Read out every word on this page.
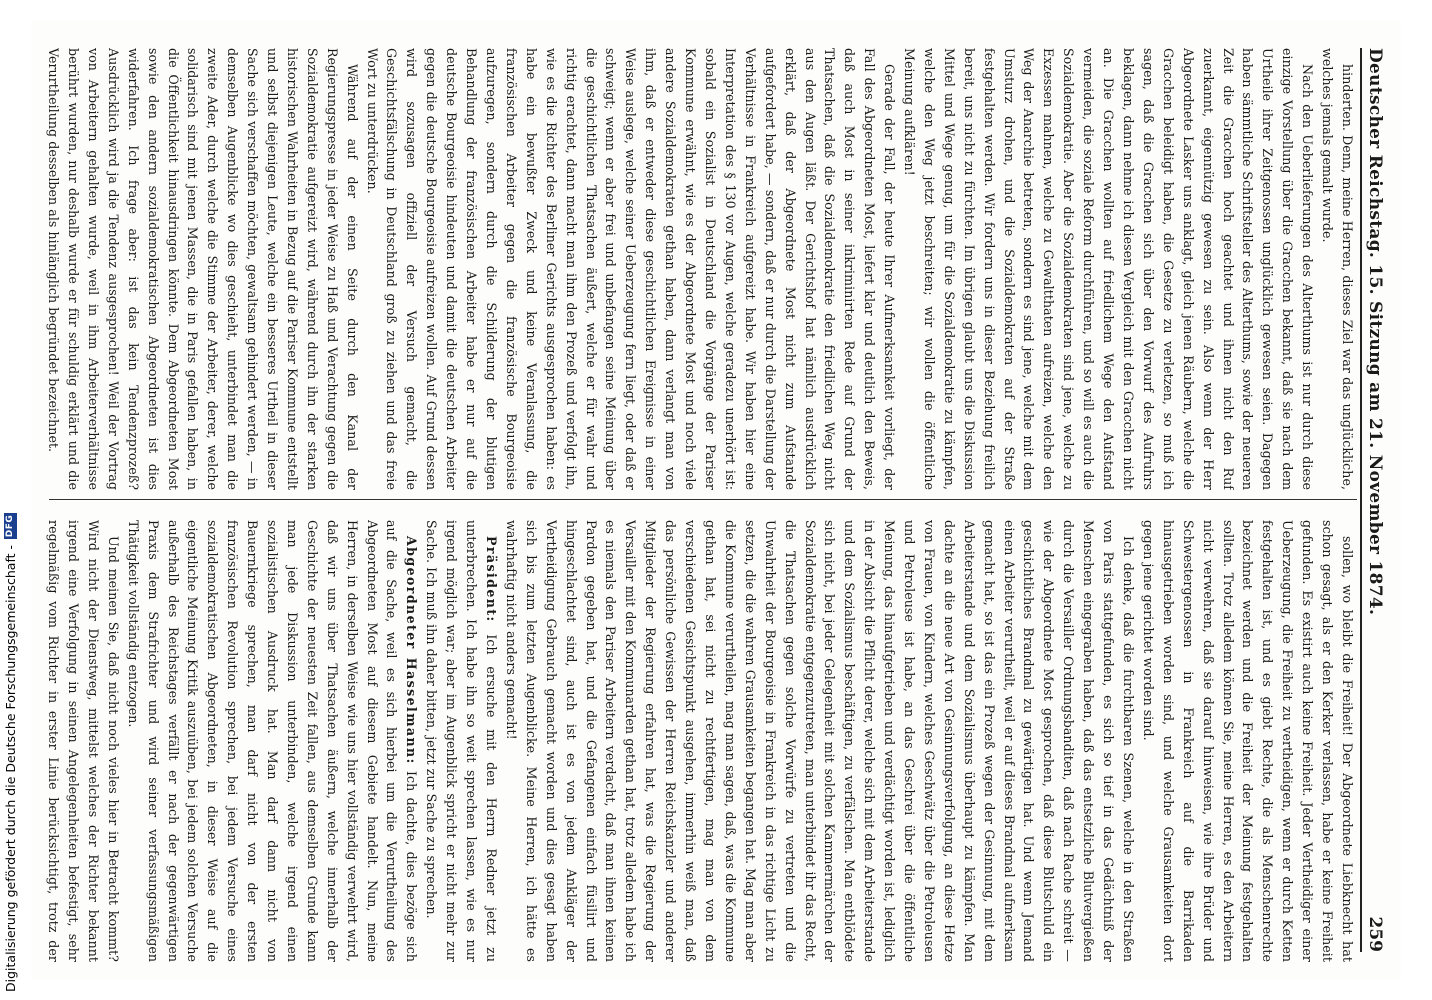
Deutscher Reichstag. 15. Sitzung am 21. November 1874.
259

hinderten. Denn, meine Herren, dieses Ziel war das unglückliche, welches jemals gemalt wurde.

Nach den Ueberlieferungen des Alterthums ist nur durch diese einzige Vorstellung über die Gracchen bekannt, daß sie nach dem Urtheile ihrer Zeitgenossen unglücklich gewesen seien. Dagegen haben sämmtliche Schriftsteller des Alterthums, sowie der neueren Zeit die Gracchen hoch geachtet und ihnen nicht den Ruf zuerkannt, eigennützig gewesen zu sein. Also wenn der Herr Abgeordnete Lasker uns anklagt, gleich jenen Räubern, welche die Gracchen beleidigt haben, die Gesetze zu verletzen, so muß ich sagen, daß die Gracchen sich über den Vorwurf des Aufruhrs beklagen, dann nehme ich diesen Vergleich mit den Gracchen nicht an. Die Gracchen wollten auf friedlichem Wege den Aufstand vermeiden, die soziale Reform durchführen, und so will es auch die Sozialdemokratie. Aber die Sozialdemokraten sind jene, welche zu Exzessen mahnen, welche zu Gewaltthaten aufreizen, welche den Weg der Anarchie betreten, sondern es sind jene, welche mit dem Umsturz drohen, und die Sozialdemokraten auf der Straße festgehalten werden. Wir fordern uns in dieser Beziehung freilich bereit, uns nicht zu fürchten. Im übrigen glaubt uns die Diskussion Mittel und Wege genug, um für die Sozialdemokratie zu kämpfen, welche den Weg jetzt beschreiten; wir wollen die öffentliche Meinung aufklären!

Gerade der Fall, der heute Ihrer Aufmerksamkeit vorliegt, der Fall des Abgeordneten Most, liefert klar und deutlich den Beweis, daß auch Most in seiner inkriminirten Rede auf Grund der Thatsachen, daß die Sozialdemokratie den friedlichen Weg nicht aus den Augen läßt. Der Gerichtshof hat nämlich ausdrücklich erklärt, daß der Abgeordnete Most nicht zum Aufstande aufgefordert habe, — sondern, daß er nur durch die Darstellung der Verhältnisse in Frankreich aufgereizt habe. Wir haben hier eine Interpretation des § 130 vor Augen, welche geradezu unerhört ist: sobald ein Sozialist in Deutschland die Vorgänge der Pariser Kommune erwähnt, wie es der Abgeordnete Most und noch viele andere Sozialdemokraten gethan haben, dann verlangt man von ihm, daß er entweder diese geschichtlichen Ereignisse in einer Weise auslege, welche seiner Ueberzeugung fern liegt, oder daß er schweigt; wenn er aber frei und unbefangen seine Meinung über die geschichtlichen Thatsachen äußert, welche er für wahr und richtig erachtet, dann macht man ihm den Prozeß und verfolgt ihn, wie es die Richter des Berliner Gerichts ausgesprochen haben: es habe ein bewußter Zweck und keine Veranlassung, die französischen Arbeiter gegen die französische Bourgeoisie aufzuregen, sondern durch die Schilderung der blutigen Behandlung der französischen Arbeiter habe er nur auf die deutsche Bourgeoisie hindeuten und damit die deutschen Arbeiter gegen die deutsche Bourgeoisie aufreizen wollen. Auf Grund dessen wird sozusagen offiziell der Versuch gemacht, die Geschichtsfälschung in Deutschland groß zu ziehen und das freie Wort zu unterdrücken.

Während auf der einen Seite durch den Kanal der Regierungspresse in jeder Weise zu Haß und Verachtung gegen die Sozialdemokratie aufgereizt wird, während durch ihn der starken historischen Wahrheiten in Bezug auf die Pariser Kommune entstellt und selbst diejenigen Leute, welche ein besseres Urtheil in dieser Sache sich verschaffen möchten, gewaltsam gehindert werden, — in demselben Augenblicke wo dies geschieht, unterbindet man die zweite Ader, durch welche die Stimme der Arbeiter, derer, welche solidarisch sind mit jenen Massen, die in Paris gefallen haben, in die Öffentlichkeit hinausdringen könnte. Dem Abgeordneten Most sowie den andern sozialdemokratischen Abgeordneten ist dies widerfahren. Ich frage aber: ist das kein Tendenzprozeß? Ausdrücklich wird ja die Tendenz ausgesprochen! Weil der Vortrag von Arbeitern gehalten wurde, weil in ihm Arbeiterverhältnisse berührt wurden, nur deshalb wurde er für schuldig erklärt und die Verurtheilung desselben als hinlänglich begründet bezeichnet.

sollen, wo bleibt die Freiheit! Der Abgeordnete Liebknecht hat schon gesagt, als er den Kerker verlassen, habe er keine Freiheit gefunden. Es existirt auch keine Freiheit. Jeder Vertheidiger einer Ueberzeugung, die Freiheit zu vertheidigen, wenn er durch Ketten festgehalten ist, und es giebt Rechte, die als Menschenrechte bezeichnet werden und die Freiheit der Meinung festgehalten sollten. Trotz alledem können Sie, meine Herren, es den Arbeitern nicht verwehren, daß sie darauf hinweisen, wie ihre Brüder und Schwestergenossen in Frankreich auf die Barrikaden hinausgetrieben worden sind, und welche Grausamkeiten dort gegen jene gerichtet worden sind.

Ich denke, daß die furchtbaren Szenen, welche in den Straßen von Paris stattgefunden, es sich so tief in das Gedächtniß der Menschen eingegraben haben, daß das entsetzliche Blutvergießen durch die Versailler Ordnungsbanditen, daß nach Rache schreit — wie der Abgeordnete Most gesprochen, daß diese Blutschuld ein geschichtliches Brandmal zu gewärtigen hat. Und wenn Jemand einen Arbeiter verurtheilt, weil er auf dieses Brandmal aufmerksam gemacht hat, so ist das ein Prozeß wegen der Gesinnung, mit dem Arbeiterstande und dem Sozialismus überhaupt zu kämpfen. Man dachte an die neue Art von Gesinnungsverfolgung, an diese Hetze von Frauen, von Kindern, welches Geschwätz über die Petroleusen und Petroleuse ist habe, an das Geschrei über die öffentliche Meinung, das hinaufgetrieben und verdächtigt worden ist, lediglich in der Absicht die Pflicht derer, welche sich mit dem Arbeiterstande und dem Sozialismus beschäftigen, zu verfälschen. Man entblödete sich nicht, bei jeder Gelegenheit mit solchen Kammermärchen der Sozialdemokratie entgegenzutreten, man unterbindet ihr das Recht, die Thatsachen gegen solche Vorwürfe zu vertreten und die Unwahrheit der Bourgeoisie in Frankreich in das richtige Licht zu setzen, die die wahren Grausamkeiten begangen hat. Mag man aber die Kommune verurtheilen, mag man sagen, daß, was die Kommune gethan hat, sei nicht zu rechtfertigen, mag man von dem verschiedenen Gesichtspunkt ausgehen, immerhin weiß man, daß das persönliche Gewissen der Herren Reichskanzler und anderer Mitglieder der Regierung erfahren hat, was die Regierung der Versailler mit den Kommunarden gethan hat, trotz alledem habe ich es niemals den Pariser Arbeitern verdacht, daß man ihnen keinen Pardon gegeben hat, und die Gefangenen einfach füsilirt und hingeschlachtet sind, auch ist es von jedem Ankläger der Vertheidigung Gebrauch gemacht worden und dies gesagt haben sich bis zum letzten Augenblicke. Meine Herren, ich hätte es wahrhaftig nicht anders gemacht!

Präsident: Ich ersuche mit den Herrn Redner jetzt zu unterbrechen. Ich habe ihn so weit sprechen lassen, wie es nur irgend möglich war; aber im Augenblick spricht er nicht mehr zur Sache. Ich muß ihn daher bitten, jetzt zur Sache zu sprechen.

Abgeordneter Hasselmann: Ich dachte, dies bezöge sich auf die Sache, weil es sich hierbei um die Verurtheilung des Abgeordneten Most auf diesem Gebiete handelt. Nun, meine Herren, in derselben Weise wie uns hier vollständig verwehrt wird, daß wir uns über Thatsachen äußern, welche innerhalb der Geschichte der neuesten Zeit fallen, aus demselben Grunde kann man jede Diskussion unterbinden, welche irgend einen sozialistischen Ausdruck hat. Man darf dann nicht von Bauernkriege sprechen, man darf nicht von der ersten französischen Revolution sprechen, bei jedem Versuche eines sozialdemokratischen Abgeordneten, in dieser Weise auf die eigentliche Meinung Kritik auszuüben, bei jedem solchen Versuche außerhalb des Reichstages verfällt er nach der gegenwärtigen Praxis dem Strafrichter und wird seiner verfassungsmäßigen Thätigkeit vollständig entzogen.

Und meinen Sie, daß nicht noch vieles hier in Betracht kommt? Wird nicht der Dienstweg, mittelst welches der Richter bekannt irgend eine Verfolgung in seinen Angelegenheiten befestigt, sehr regelmäßig vom Richter in erster Linie berücksichtigt, trotz der

Digitalisierung gefördert durch die Deutsche Forschungsgemeinschaft -
DFG
